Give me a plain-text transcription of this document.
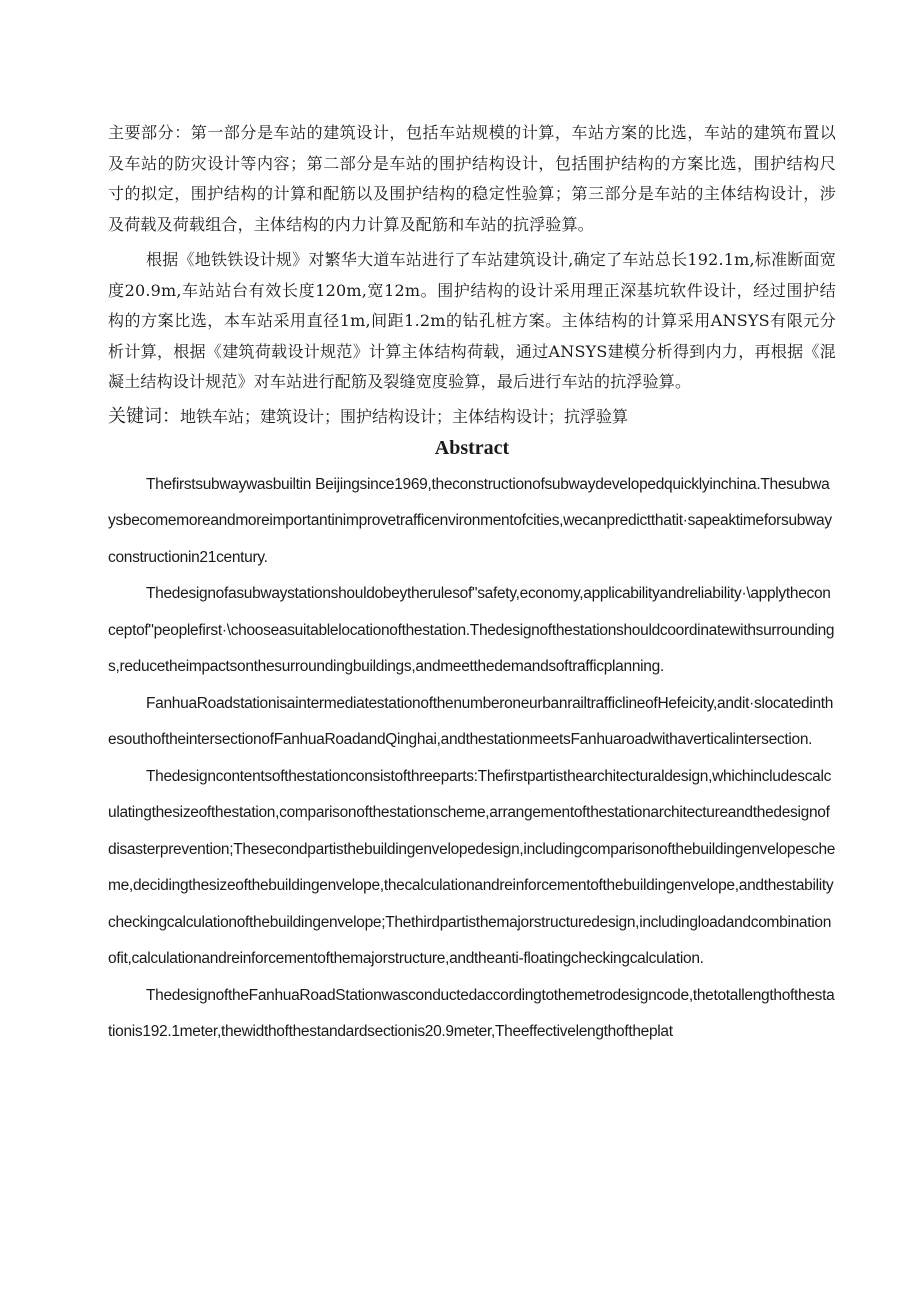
主要部分：第一部分是车站的建筑设计，包括车站规模的计算，车站方案的比选，车站的建筑布置以及车站的防灾设计等内容；第二部分是车站的围护结构设计，包括围护结构的方案比选，围护结构尺寸的拟定，围护结构的计算和配筋以及围护结构的稳定性验算；第三部分是车站的主体结构设计，涉及荷载及荷载组合，主体结构的内力计算及配筋和车站的抗浮验算。

根据《地铁铁设计规》对繁华大道车站进行了车站建筑设计,确定了车站总长192.1m,标准断面宽度20.9m,车站站台有效长度120m,宽12m。围护结构的设计采用理正深基坑软件设计，经过围护结构的方案比选，本车站采用直径1m,间距1.2m的钻孔桩方案。主体结构的计算采用ANSYS有限元分析计算，根据《建筑荷载设计规范》计算主体结构荷载，通过ANSYS建模分析得到内力，再根据《混凝土结构设计规范》对车站进行配筋及裂缝宽度验算，最后进行车站的抗浮验算。

关键词：地铁车站；建筑设计；围护结构设计；主体结构设计；抗浮验算

Abstract

Thefirstsubwaywasbuiltin Beijingsince1969,theconstructionofsubwaydevelopedquicklyinchina.Thesubwaysbecomemoreandmoreimportantinimprovetrafficenvironmentofcities,wecanpredictthatit·sapeaktimeforsubwayconstructionin21century.

Thedesignofasubwaystationshouldobeytherulesof"safety,economy,applicabilityandreliability·\applytheconceptof"peoplefirst·\chooseasuitablelocationofthestation.Thedesignofthestationshouldcoordinatewithsurroundings,reducetheimpactsonthesurroundingbuildings,andmeetthedemandsoftrafficplanning.

FanhuaRoadstationisaintermediatestationofthenumberoneurbanrailtrafficlineofHefeicity,andit·slocatedinthesouthoftheintersectionofFanhuaRoadandQinghai,andthestationmeetsFanhuaroadwithaverticalintersection.

Thedesigncontentsofthestationconsistofthreeparts:Thefirstpartisthearchitecturaldesign,whichincludescalculatingthesizeofthestation,comparisonofthestationscheme,arrangementofthestationarchitectureandthedesignofdisasterprevention;Thesecondpartisthebuildingenvelopedesign,includingcomparisonofthebuildingenvelopescheme,decidingthesizeofthebuildingenvelope,thecalculationandreinforcementofthebuildingenvelope,andthestabilitycheckingcalculationofthebuildingenvelope;Thethirdpartisthemajorstructuredesign,includingloadandcombinationofit,calculationandreinforcementofthemajorstructure,andtheanti-floatingcheckingcalculation.

ThedesignoftheFanhuaRoadStationwasconductedaccordingtothemetrodesigncode,thetotallengthofthestationis192.1meter,thewidthofthestandardsectionis20.9meter,Theeffectivelengthoftheplat
